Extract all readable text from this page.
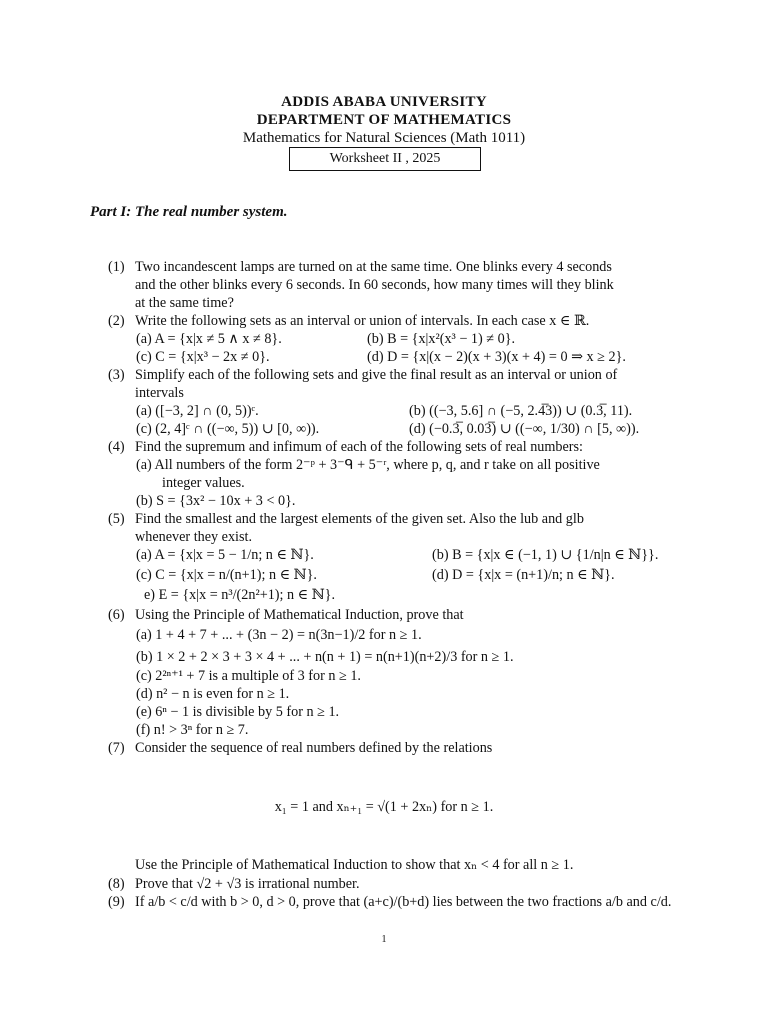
ADDIS ABABA UNIVERSITY
DEPARTMENT OF MATHEMATICS
Mathematics for Natural Sciences (Math 1011)
Worksheet II , 2025
Part I: The real number system.
(1) Two incandescent lamps are turned on at the same time. One blinks every 4 seconds
and the other blinks every 6 seconds. In 60 seconds, how many times will they blink
at the same time?
(2) Write the following sets as an interval or union of intervals. In each case x ∈ ℝ.
(a) A = {x|x ≠ 5 ∧ x ≠ 8}.	(b) B = {x|x²(x³ − 1) ≠ 0}.
(c) C = {x|x³ − 2x ≠ 0}.	(d) D = {x|(x − 2)(x + 3)(x + 4) = 0 ⇒ x ≥ 2}.
(3) Simplify each of the following sets and give the final result as an interval or union of
intervals
(a) ([−3, 2] ∩ (0, 5))ᶜ.	(b) ((−3, 5.6] ∩ (−5, 2.4̅3)) ∪ (0.3̅, 11).
(c) (2, 4]ᶜ ∩ ((−∞, 5)) ∪ [0, ∞)).	(d) (−0.3̅, 0.03̅) ∪ ((−∞, 1/30) ∩ [5, ∞)).
(4) Find the supremum and infimum of each of the following sets of real numbers:
(a) All numbers of the form 2⁻ᵖ + 3⁻ᑫ + 5⁻ʳ, where p, q, and r take on all positive
integer values.
(b) S = {3x² − 10x + 3 < 0}.
(5) Find the smallest and the largest elements of the given set. Also the lub and glb
whenever they exist.
(a) A = {x|x = 5 − 1/n; n ∈ ℕ}.	(b) B = {x|x ∈ (−1, 1) ∪ {1/n|n ∈ ℕ}}.
(c) C = {x|x = n/(n+1); n ∈ ℕ}.	(d) D = {x|x = (n+1)/n; n ∈ ℕ}.
e) E = {x|x = n³/(2n²+1); n ∈ ℕ}.
(6) Using the Principle of Mathematical Induction, prove that
(a) 1 + 4 + 7 + ... + (3n − 2) = n(3n−1)/2 for n ≥ 1.
(b) 1 × 2 + 2 × 3 + 3 × 4 + ... + n(n + 1) = n(n+1)(n+2)/3 for n ≥ 1.
(c) 2²ⁿ⁺¹ + 7 is a multiple of 3 for n ≥ 1.
(d) n² − n is even for n ≥ 1.
(e) 6ⁿ − 1 is divisible by 5 for n ≥ 1.
(f) n! > 3ⁿ for n ≥ 7.
(7) Consider the sequence of real numbers defined by the relations
x₁ = 1 and xₙ₊₁ = √(1 + 2xₙ) for n ≥ 1.
Use the Principle of Mathematical Induction to show that xₙ < 4 for all n ≥ 1.
(8) Prove that √2 + √3 is irrational number.
(9) If a/b < c/d with b > 0, d > 0, prove that (a+c)/(b+d) lies between the two fractions a/b and c/d.
1
